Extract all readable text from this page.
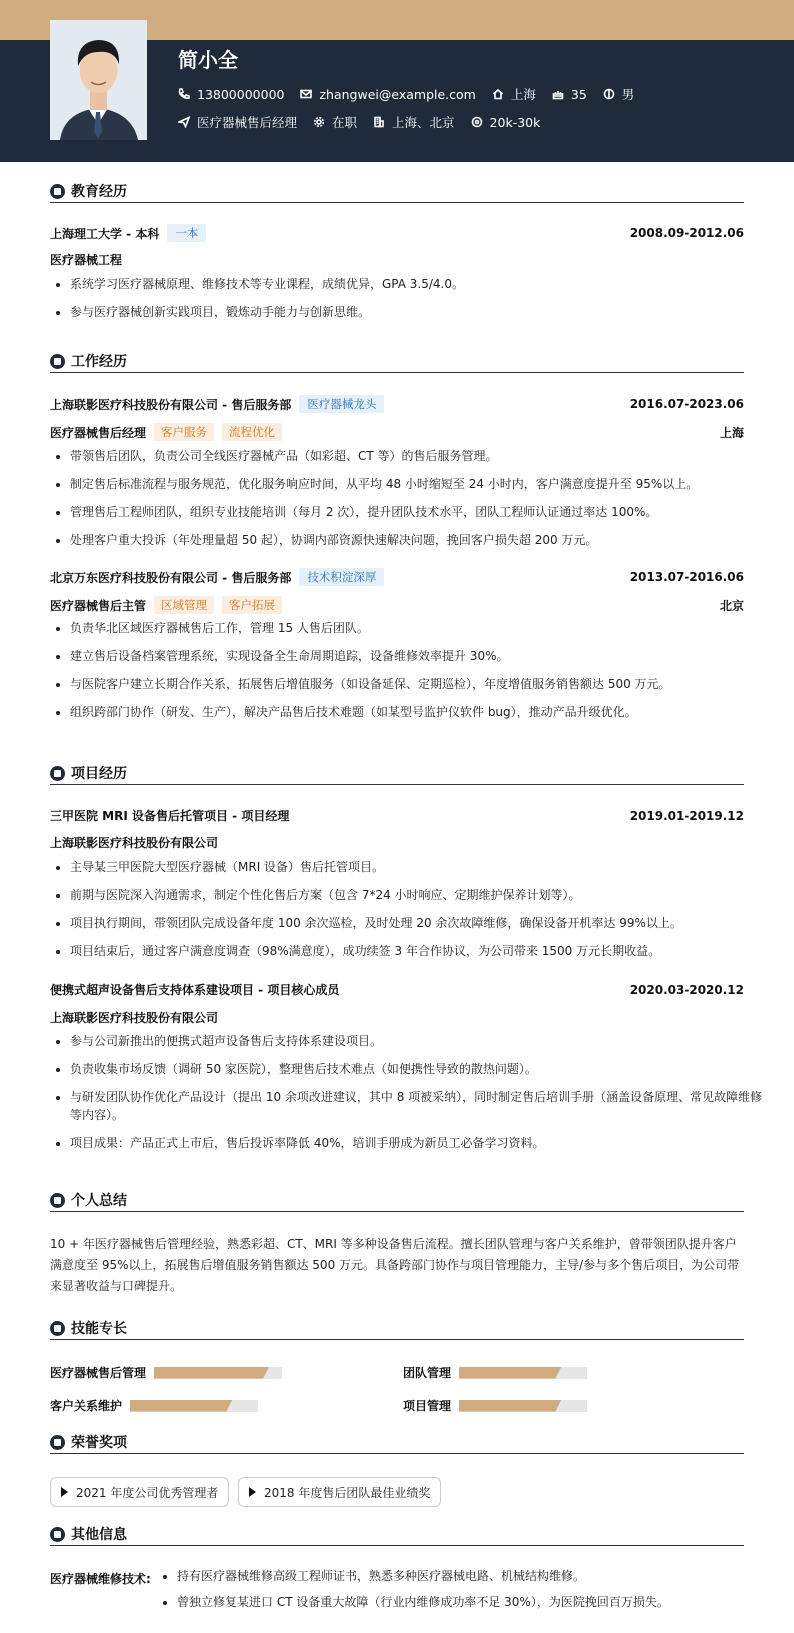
简小全
13800000000	zhangwei@example.com	上海	35	男
医疗器械售后经理	在职	上海、北京	20k-30k
教育经历
上海理工大学 - 本科	一本	2008.09-2012.06
医疗器械工程
• 系统学习医疗器械原理、维修技术等专业课程，成绩优异，GPA 3.5/4.0。
• 参与医疗器械创新实践项目，锻炼动手能力与创新思维。
工作经历
上海联影医疗科技股份有限公司 - 售后服务部	医疗器械龙头	2016.07-2023.06
医疗器械售后经理	客户服务	流程优化	上海
• 带领售后团队，负责公司全线医疗器械产品（如彩超、CT 等）的售后服务管理。
• 制定售后标准流程与服务规范，优化服务响应时间，从平均 48 小时缩短至 24 小时内，客户满意度提升至 95%以上。
• 管理售后工程师团队，组织专业技能培训（每月 2 次），提升团队技术水平，团队工程师认证通过率达 100%。
• 处理客户重大投诉（年处理量超 50 起），协调内部资源快速解决问题，挽回客户损失超 200 万元。
北京万东医疗科技股份有限公司 - 售后服务部	技术积淀深厚	2013.07-2016.06
医疗器械售后主管	区域管理	客户拓展	北京
• 负责华北区域医疗器械售后工作，管理 15 人售后团队。
• 建立售后设备档案管理系统，实现设备全生命周期追踪，设备维修效率提升 30%。
• 与医院客户建立长期合作关系，拓展售后增值服务（如设备延保、定期巡检），年度增值服务销售额达 500 万元。
• 组织跨部门协作（研发、生产），解决产品售后技术难题（如某型号监护仪软件 bug），推动产品升级优化。
项目经历
三甲医院 MRI 设备售后托管项目 - 项目经理	2019.01-2019.12
上海联影医疗科技股份有限公司
• 主导某三甲医院大型医疗器械（MRI 设备）售后托管项目。
• 前期与医院深入沟通需求，制定个性化售后方案（包含 7*24 小时响应、定期维护保养计划等）。
• 项目执行期间，带领团队完成设备年度 100 余次巡检，及时处理 20 余次故障维修，确保设备开机率达 99%以上。
• 项目结束后，通过客户满意度调查（98%满意度），成功续签 3 年合作协议，为公司带来 1500 万元长期收益。
便携式超声设备售后支持体系建设项目 - 项目核心成员	2020.03-2020.12
上海联影医疗科技股份有限公司
• 参与公司新推出的便携式超声设备售后支持体系建设项目。
• 负责收集市场反馈（调研 50 家医院），整理售后技术难点（如便携性导致的散热问题）。
• 与研发团队协作优化产品设计（提出 10 余项改进建议，其中 8 项被采纳），同时制定售后培训手册（涵盖设备原理、常见故障维修等内容）。
• 项目成果：产品正式上市后，售后投诉率降低 40%，培训手册成为新员工必备学习资料。
个人总结

10 + 年医疗器械售后管理经验，熟悉彩超、CT、MRI 等多种设备售后流程。擅长团队管理与客户关系维护，曾带领团队提升客户满意度至 95%以上，拓展售后增值服务销售额达 500 万元。具备跨部门协作与项目管理能力，主导/参与多个售后项目，为公司带来显著收益与口碑提升。

技能专长
医疗器械售后管理	团队管理
客户关系维护	项目管理
荣誉奖项
2021 年度公司优秀管理者	2018 年度售后团队最佳业绩奖
其他信息
医疗器械维修技术:
• 持有医疗器械维修高级工程师证书，熟悉多种医疗器械电路、机械结构维修。
• 曾独立修复某进口 CT 设备重大故障（行业内维修成功率不足 30%），为医院挽回百万损失。
